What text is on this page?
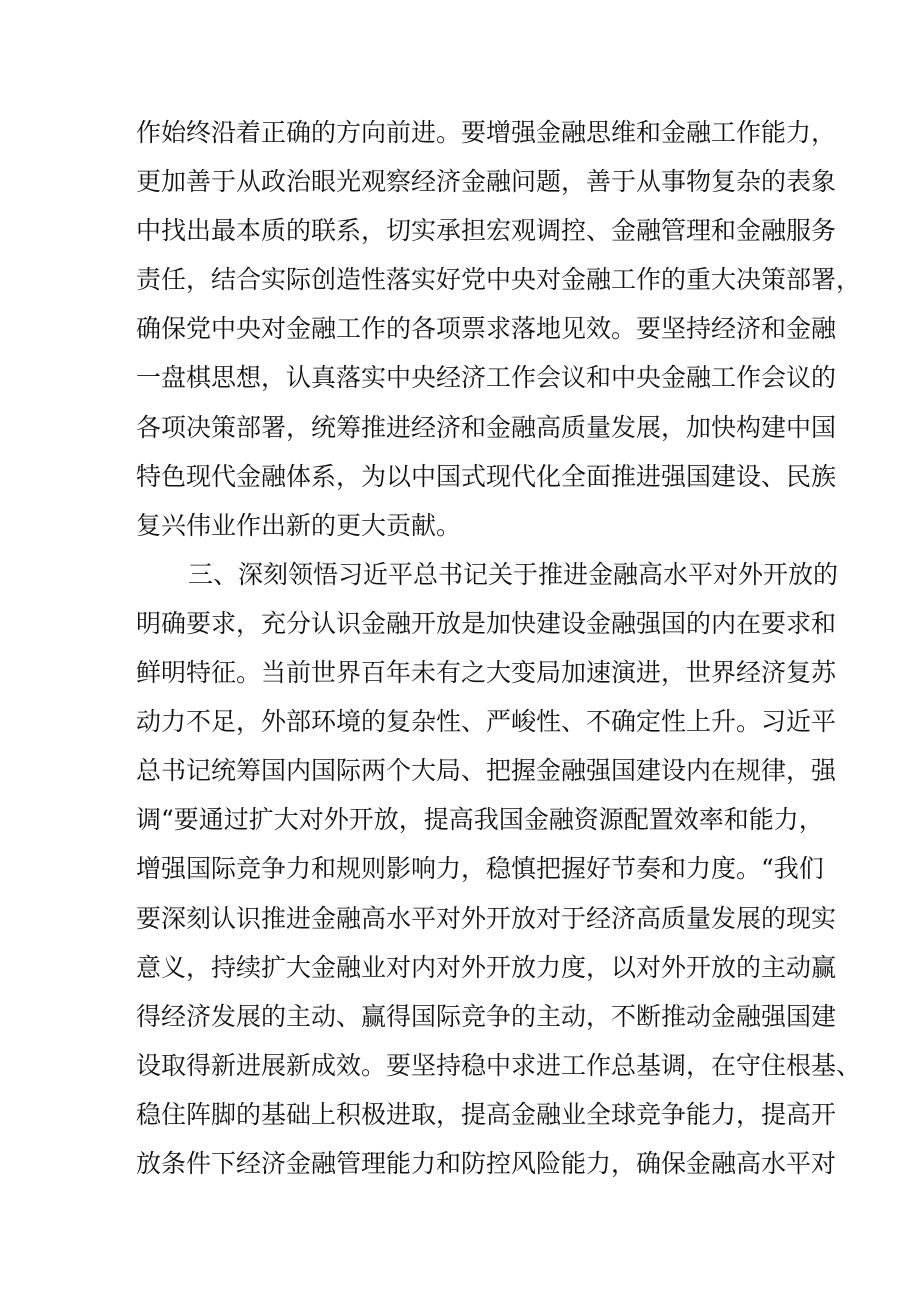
作始终沿着正确的方向前进。要增强金融思维和金融工作能力，
更加善于从政治眼光观察经济金融问题，善于从事物复杂的表象
中找出最本质的联系，切实承担宏观调控、金融管理和金融服务
责任，结合实际创造性落实好党中央对金融工作的重大决策部署，
确保党中央对金融工作的各项票求落地见效。要坚持经济和金融
一盘棋思想，认真落实中央经济工作会议和中央金融工作会议的
各项决策部署，统筹推进经济和金融高质量发展，加快构建中国
特色现代金融体系，为以中国式现代化全面推进强国建设、民族
复兴伟业作出新的更大贡献。
三、深刻领悟习近平总书记关于推进金融高水平对外开放的
明确要求，充分认识金融开放是加快建设金融强国的内在要求和
鲜明特征。当前世界百年未有之大变局加速演进，世界经济复苏
动力不足，外部环境的复杂性、严峻性、不确定性上升。习近平
总书记统筹国内国际两个大局、把握金融强国建设内在规律，强
调“要通过扩大对外开放，提高我国金融资源配置效率和能力，
增强国际竞争力和规则影响力，稳慎把握好节奏和力度。“我们
要深刻认识推进金融高水平对外开放对于经济高质量发展的现实
意义，持续扩大金融业对内对外开放力度，以对外开放的主动赢
得经济发展的主动、赢得国际竞争的主动，不断推动金融强国建
设取得新进展新成效。要坚持稳中求进工作总基调，在守住根基、
稳住阵脚的基础上积极进取，提高金融业全球竞争能力，提高开
放条件下经济金融管理能力和防控风险能力，确保金融高水平对
